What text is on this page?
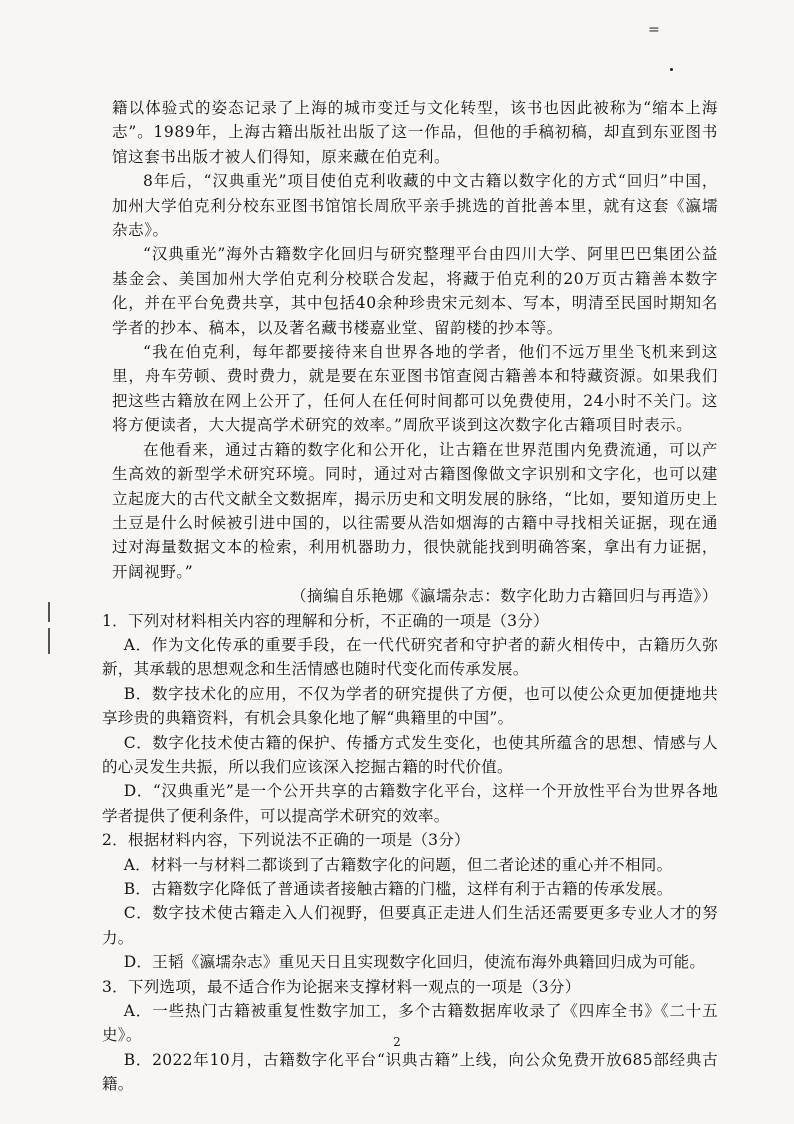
=

籍以体验式的姿态记录了上海的城市变迁与文化转型，该书也因此被称为“缩本上海志”。1989年，上海古籍出版社出版了这一作品，但他的手稿初稿，却直到东亚图书馆这套书出版才被人们得知，原来藏在伯克利。

8年后，“汉典重光”项目使伯克利收藏的中文古籍以数字化的方式“回归”中国，加州大学伯克利分校东亚图书馆馆长周欣平亲手挑选的首批善本里，就有这套《瀛壖杂志》。

“汉典重光”海外古籍数字化回归与研究整理平台由四川大学、阿里巴巴集团公益基金会、美国加州大学伯克利分校联合发起，将藏于伯克利的20万页古籍善本数字化，并在平台免费共享，其中包括40余种珍贵宋元刻本、写本，明清至民国时期知名学者的抄本、稿本，以及著名藏书楼嘉业堂、留韵楼的抄本等。

“我在伯克利，每年都要接待来自世界各地的学者，他们不远万里坐飞机来到这里，舟车劳顿、费时费力，就是要在东亚图书馆查阅古籍善本和特藏资源。如果我们把这些古籍放在网上公开了，任何人在任何时间都可以免费使用，24小时不关门。这将方便读者，大大提高学术研究的效率。”周欣平谈到这次数字化古籍项目时表示。

在他看来，通过古籍的数字化和公开化，让古籍在世界范围内免费流通，可以产生高效的新型学术研究环境。同时，通过对古籍图像做文字识别和文字化，也可以建立起庞大的古代文献全文数据库，揭示历史和文明发展的脉络，“比如，要知道历史上土豆是什么时候被引进中国的，以往需要从浩如烟海的古籍中寻找相关证据，现在通过对海量数据文本的检索，利用机器助力，很快就能找到明确答案，拿出有力证据，开阔视野。”

（摘编自乐艳娜《瀛壖杂志：数字化助力古籍回归与再造》）

1．下列对材料相关内容的理解和分析，不正确的一项是（3分）

A．作为文化传承的重要手段，在一代代研究者和守护者的薪火相传中，古籍历久弥新，其承载的思想观念和生活情感也随时代变化而传承发展。

B．数字技术化的应用，不仅为学者的研究提供了方便，也可以使公众更加便捷地共享珍贵的典籍资料，有机会具象化地了解“典籍里的中国”。

C．数字化技术使古籍的保护、传播方式发生变化，也使其所蕴含的思想、情感与人的心灵发生共振，所以我们应该深入挖掘古籍的时代价值。

D．“汉典重光”是一个公开共享的古籍数字化平台，这样一个开放性平台为世界各地学者提供了便利条件，可以提高学术研究的效率。

2．根据材料内容，下列说法不正确的一项是（3分）

A．材料一与材料二都谈到了古籍数字化的问题，但二者论述的重心并不相同。

B．古籍数字化降低了普通读者接触古籍的门槛，这样有利于古籍的传承发展。

C．数字技术使古籍走入人们视野，但要真正走进人们生活还需要更多专业人才的努力。

D．王韬《瀛壖杂志》重见天日且实现数字化回归，使流布海外典籍回归成为可能。

3．下列选项，最不适合作为论据来支撑材料一观点的一项是（3分）

A．一些热门古籍被重复性数字加工，多个古籍数据库收录了《四库全书》《二十五史》。

B．2022年10月，古籍数字化平台“识典古籍”上线，向公众免费开放685部经典古籍。

2
